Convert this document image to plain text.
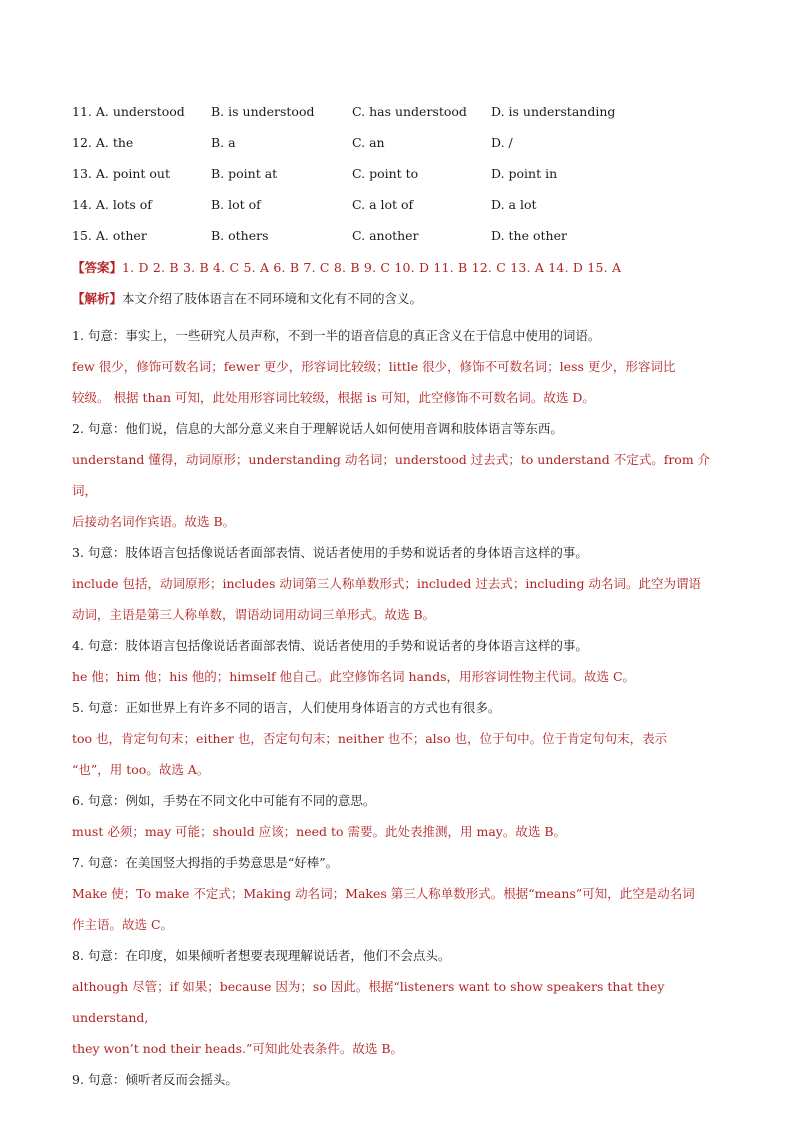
11. A. understood B. is understood	C. has understood D. is understanding
12. A. the	B. a	C. an	D. /
13. A. point out	B. point at	C. point to	D. point in
14. A. lots of	B. lot of	C. a lot of	D. a lot
15. A. other	B. others	C. another	D. the other
【答案】1. D 2. B 3. B 4. C 5. A 6. B 7. C 8. B 9. C 10. D 11. B 12. C 13. A 14. D 15. A
【解析】本文介绍了肢体语言在不同环境和文化有不同的含义。

1. 句意：事实上，一些研究人员声称，不到一半的语音信息的真正含义在于信息中使用的词语。

few 很少，修饰可数名词；fewer 更少，形容词比较级；little 很少，修饰不可数名词；less 更少，形容词比

较级。 根据 than 可知，此处用形容词比较级，根据 is 可知，此空修饰不可数名词。故选 D。

2. 句意：他们说，信息的大部分意义来自于理解说话人如何使用音调和肢体语言等东西。

understand 懂得，动词原形；understanding 动名词；understood 过去式；to understand 不定式。from 介词，

后接动名词作宾语。故选 B。

3. 句意：肢体语言包括像说话者面部表情、说话者使用的手势和说话者的身体语言这样的事。

include 包括，动词原形；includes 动词第三人称单数形式；included 过去式；including 动名词。此空为谓语

动词，主语是第三人称单数，谓语动词用动词三单形式。故选 B。

4. 句意：肢体语言包括像说话者面部表情、说话者使用的手势和说话者的身体语言这样的事。

he 他；him 他；his 他的；himself 他自己。此空修饰名词 hands，用形容词性物主代词。故选 C。

5. 句意：正如世界上有许多不同的语言，人们使用身体语言的方式也有很多。

too 也，肯定句句末；either 也，否定句句末；neither 也不；also 也，位于句中。位于肯定句句末，表示

“也”，用 too。故选 A。

6. 句意：例如，手势在不同文化中可能有不同的意思。

must 必须；may 可能；should 应该；need to 需要。此处表推测，用 may。故选 B。

7. 句意：在美国竖大拇指的手势意思是“好棒”。

Make 使；To make 不定式；Making 动名词；Makes 第三人称单数形式。根据“means”可知，此空是动名词

作主语。故选 C。

8. 句意：在印度，如果倾听者想要表现理解说话者，他们不会点头。

although 尽管；if 如果；because 因为；so 因此。根据“listeners want to show speakers that they understand,

they won’t nod their heads.”可知此处表条件。故选 B。

9. 句意：倾听者反而会摇头。
